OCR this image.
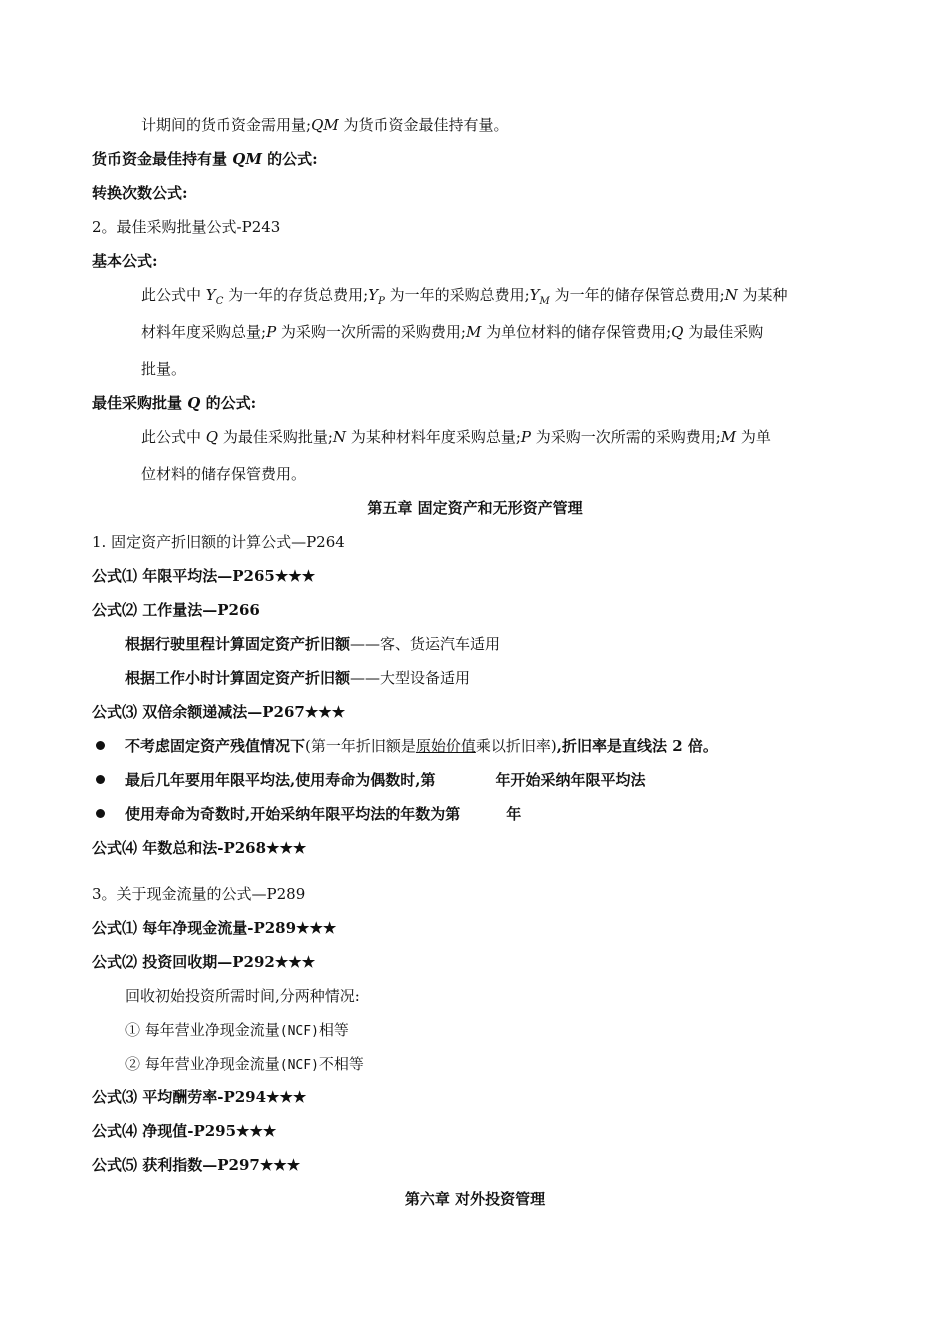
计期间的货币资金需用量;QM 为货币资金最佳持有量。
货币资金最佳持有量 QM 的公式:
转换次数公式:
2。最佳采购批量公式-P243
基本公式:
此公式中 $Y_C$ 为一年的存货总费用$;Y_P$ 为一年的采购总费用$;Y_M$ 为一年的储存保管总费用;N 为某种
材料年度采购总量;P 为采购一次所需的采购费用;M 为单位材料的储存保管费用;Q 为最佳采购
批量。
最佳采购批量 Q 的公式:
此公式中 Q 为最佳采购批量;N 为某种材料年度采购总量;P 为采购一次所需的采购费用;M 为单
位材料的储存保管费用。
第五章 固定资产和无形资产管理
1. 固定资产折旧额的计算公式—P264
公式⑴ 年限平均法—P265★★★
公式⑵ 工作量法—P266
根据行驶里程计算固定资产折旧额——客、货运汽车适用
根据工作小时计算固定资产折旧额——大型设备适用
公式⑶ 双倍余额递减法—P267★★★
不考虑固定资产残值情况下(第一年折旧额是原始价值乘以折旧率),折旧率是直线法 2 倍。
最后几年要用年限平均法,使用寿命为偶数时,第	年开始采纳年限平均法
使用寿命为奇数时,开始采纳年限平均法的年数为第	年
公式⑷ 年数总和法-P268★★★
3。关于现金流量的公式—P289
公式⑴ 每年净现金流量-P289★★★
公式⑵ 投资回收期—P292★★★
回收初始投资所需时间,分两种情况:
① 每年营业净现金流量(NCF)相等
② 每年营业净现金流量(NCF)不相等
公式⑶ 平均酬劳率-P294★★★
公式⑷ 净现值-P295★★★
公式⑸ 获利指数—P297★★★
第六章 对外投资管理
